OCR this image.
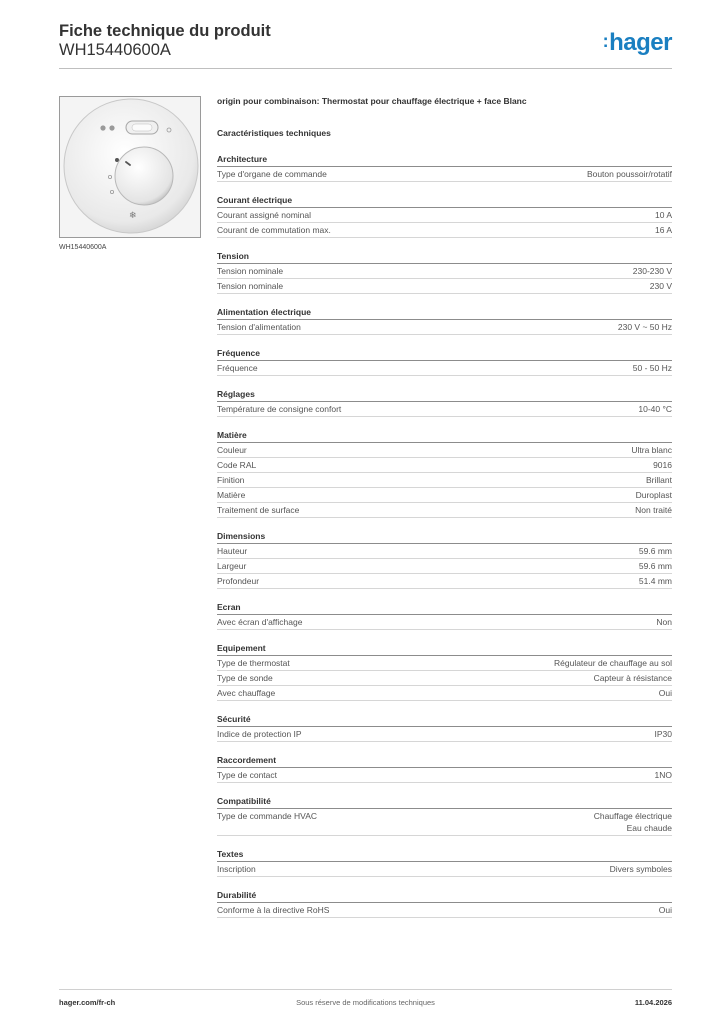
Fiche technique du produit
WH15440600A	:hager
❄
WH15440600A
origin pour combinaison: Thermostat pour chauffage électrique + face Blanc
Caractéristiques techniques
Architecture
Type d'organe de commande	Bouton poussoir/rotatif
Courant électrique
Courant assigné nominal	10 A
Courant de commutation max.	16 A
Tension
Tension nominale	230-230 V
Tension nominale	230 V
Alimentation électrique
Tension d'alimentation	230 V ~ 50 Hz
Fréquence
Fréquence	50 - 50 Hz
Réglages
Température de consigne confort	10-40 °C
Matière
Couleur	Ultra blanc
Code RAL	9016
Finition	Brillant
Matière	Duroplast
Traitement de surface	Non traité
Dimensions
Hauteur	59.6 mm
Largeur	59.6 mm
Profondeur	51.4 mm
Ecran
Avec écran d'affichage	Non
Equipement
Type de thermostat	Régulateur de chauffage au sol
Type de sonde	Capteur à résistance
Avec chauffage	Oui
Sécurité
Indice de protection IP	IP30
Raccordement
Type de contact	1NO
Compatibilité
Type de commande HVAC	Chauffage électrique
Eau chaude
Textes
Inscription	Divers symboles
Durabilité
Conforme à la directive RoHS	Oui
hager.com/fr-ch	Sous réserve de modifications techniques	11.04.2026
